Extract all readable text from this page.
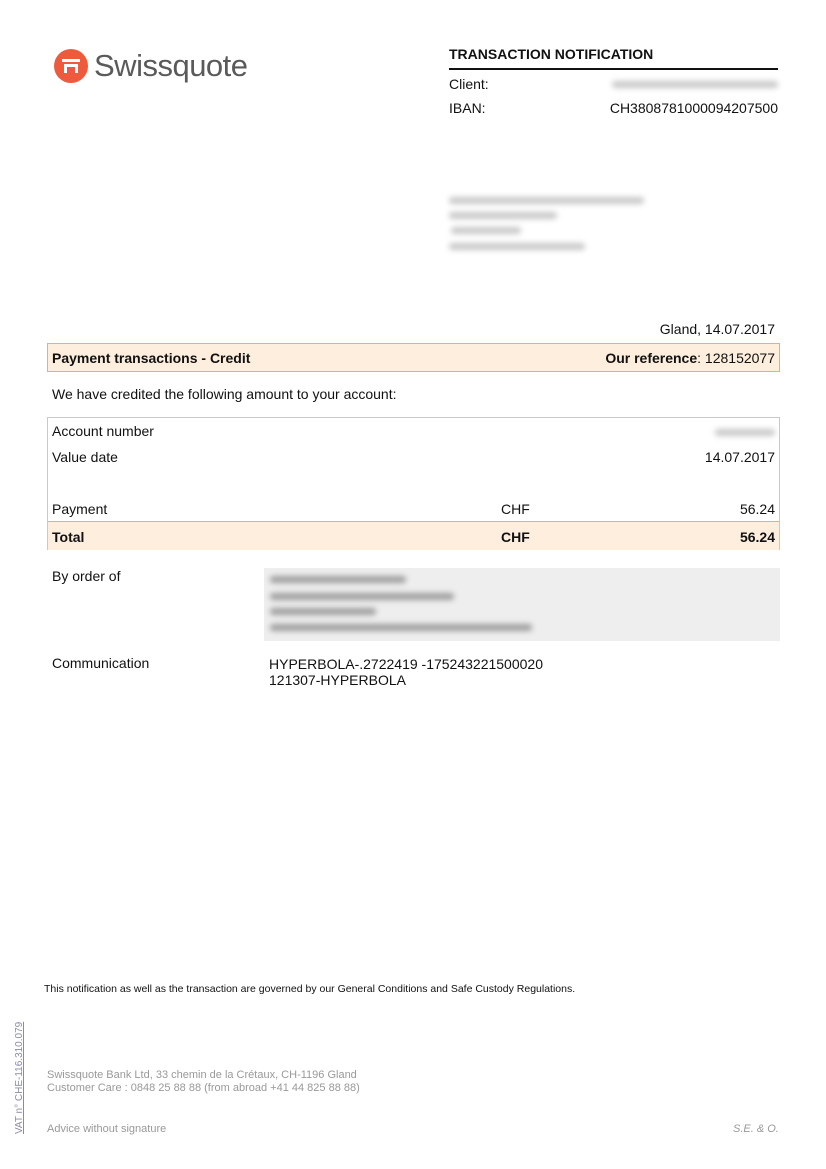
Swissquote	TRANSACTION NOTIFICATION
Client:
IBAN:	CH3808781000094207500
Gland, 14.07.2017
Payment transactions - Credit	Our reference: 128152077
We have credited the following amount to your account:
Account number
Value date	14.07.2017
Payment	CHF	56.24
Total	CHF	56.24
By order of
Communication	HYPERBOLA-.2722419 -175243221500020
121307-HYPERBOLA
This notification as well as the transaction are governed by our General Conditions and Safe Custody Regulations.
Swissquote Bank Ltd, 33 chemin de la Crétaux, CH-1196 Gland
Customer Care : 0848 25 88 88 (from abroad +41 44 825 88 88)
Advice without signature	S.E. & O.
VAT n° CHE-116.310.079
